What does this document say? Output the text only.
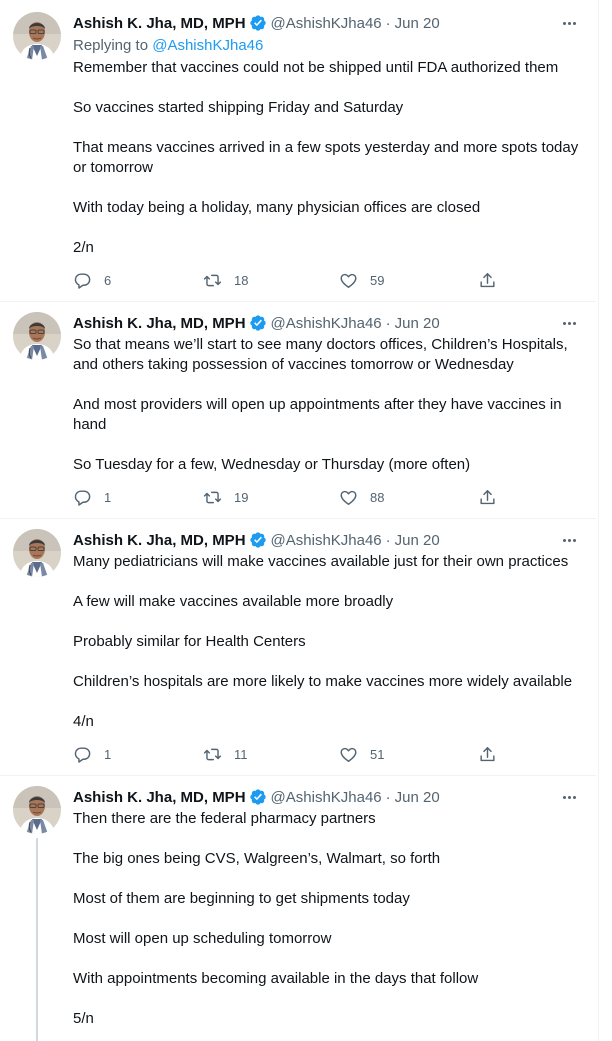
Ashish K. Jha, MD, MPH @AshishKJha46 · Jun 20
Replying to @AshishKJha46

Remember that vaccines could not be shipped until FDA authorized them

So vaccines started shipping Friday and Saturday

That means vaccines arrived in a few spots yesterday and more spots today or tomorrow

With today being a holiday, many physician offices are closed

2/n

6	18	59
Ashish K. Jha, MD, MPH @AshishKJha46 · Jun 20

So that means we’ll start to see many doctors offices, Children’s Hospitals, and others taking possession of vaccines tomorrow or Wednesday

And most providers will open up appointments after they have vaccines in hand

So Tuesday for a few, Wednesday or Thursday (more often)

1	19	88
Ashish K. Jha, MD, MPH @AshishKJha46 · Jun 20

Many pediatricians will make vaccines available just for their own practices

A few will make vaccines available more broadly

Probably similar for Health Centers

Children’s hospitals are more likely to make vaccines more widely available

4/n

1	11	51
Ashish K. Jha, MD, MPH @AshishKJha46 · Jun 20

Then there are the federal pharmacy partners

The big ones being CVS, Walgreen’s, Walmart, so forth

Most of them are beginning to get shipments today

Most will open up scheduling tomorrow

With appointments becoming available in the days that follow

5/n
